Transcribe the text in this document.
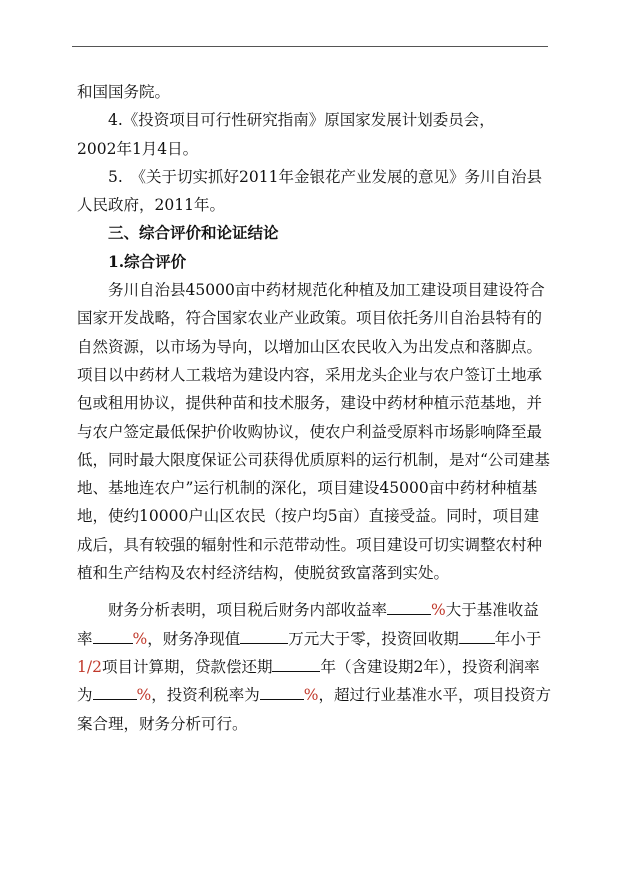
和国国务院。

4.《投资项目可行性研究指南》原国家发展计划委员会，

2002年1月4日。

5.　《关于切实抓好2011年金银花产业发展的意见》务川自治县人民政府，2011年。

三、综合评价和论证结论

1.综合评价

务川自治县45000亩中药材规范化种植及加工建设项目建设符合国家开发战略，符合国家农业产业政策。项目依托务川自治县特有的自然资源，以市场为导向，以增加山区农民收入为出发点和落脚点。项目以中药材人工栽培为建设内容，采用龙头企业与农户签订土地承包或租用协议，提供种苗和技术服务，建设中药材种植示范基地，并与农户签定最低保护价收购协议，使农户利益受原料市场影响降至最低，同时最大限度保证公司获得优质原料的运行机制，是对“公司建基地、基地连农户”运行机制的深化，项目建设45000亩中药材种植基地，使约10000户山区农民（按户均5亩）直接受益。同时，项目建成后，具有较强的辐射性和示范带动性。项目建设可切实调整农村种植和生产结构及农村经济结构，使脱贫致富落到实处。

财务分析表明，项目税后财务内部收益率	%大于基准收益率	%，财务净现值	万元大于零，投资回收期 年小于1/2项目计算期，贷款偿还期	年（含建设期2年），投资利润率为	%，投资利税率为	%，超过行业基准水平，项目投资方案合理，财务分析可行。
